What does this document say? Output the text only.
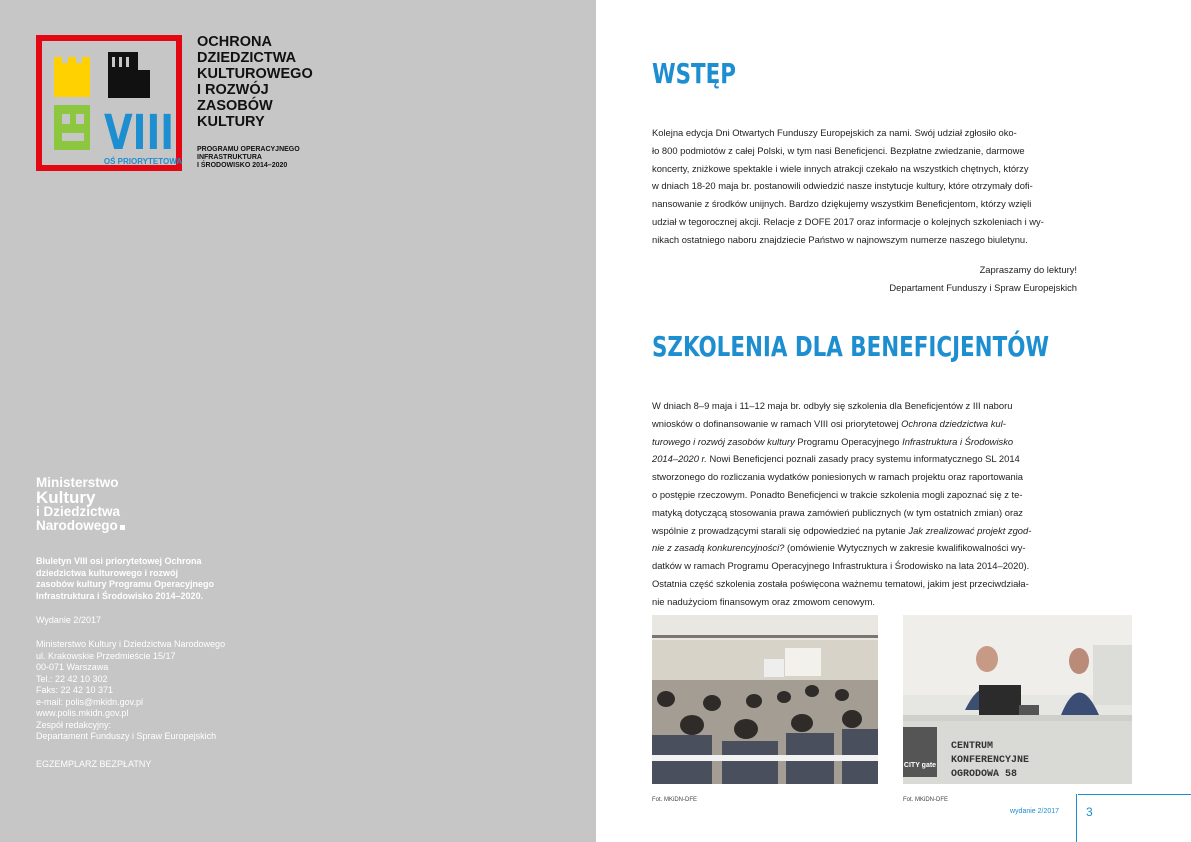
VIII
OŚ PRIORYTETOWA
OCHRONA
DZIEDZICTWA
KULTUROWEGO
I ROZWÓJ
ZASOBÓW
KULTURY
PROGRAMU OPERACYJNEGO
INFRASTRUKTURA
I ŚRODOWISKO 2014–2020
Ministerstwo
Kultury
i Dziedzictwa
Narodowego
Biuletyn VIII osi priorytetowej Ochrona
dziedzictwa kulturowego i rozwój
zasobów kultury Programu Operacyjnego
Infrastruktura i Środowisko 2014–2020.
Wydanie 2/2017
Ministerstwo Kultury i Dziedzictwa Narodowego
ul. Krakowskie Przedmieście 15/17
00-071 Warszawa
Tel.: 22 42 10 302
Faks: 22 42 10 371
e-mail: polis@mkidn.gov.pl
www.polis.mkidn.gov.pl
Zespół redakcyjny:
Departament Funduszy i Spraw Europejskich
EGZEMPLARZ BEZPŁATNY
WSTĘP
Kolejna edycja Dni Otwartych Funduszy Europejskich za nami. Swój udział zgłosiło oko-
ło 800 podmiotów z całej Polski, w tym nasi Beneficjenci. Bezpłatne zwiedzanie, darmowe
koncerty, zniżkowe spektakle i wiele innych atrakcji czekało na wszystkich chętnych, którzy
w dniach 18-20 maja br. postanowili odwiedzić nasze instytucje kultury, które otrzymały dofi-
nansowanie z środków unijnych. Bardzo dziękujemy wszystkim Beneficjentom, którzy wzięli
udział w tegorocznej akcji. Relacje z DOFE 2017 oraz informacje o kolejnych szkoleniach i wy-
nikach ostatniego naboru znajdziecie Państwo w najnowszym numerze naszego biuletynu.
Zapraszamy do lektury!
Departament Funduszy i Spraw Europejskich
SZKOLENIA DLA BENEFICJENTÓW
W dniach 8–9 maja i 11–12 maja br. odbyły się szkolenia dla Beneficjentów z III naboru
wniosków o dofinansowanie w ramach VIII osi priorytetowej Ochrona dziedzictwa kul-
turowego i rozwój zasobów kultury Programu Operacyjnego Infrastruktura i Środowisko
2014–2020 r. Nowi Beneficjenci poznali zasady pracy systemu informatycznego SL 2014
stworzonego do rozliczania wydatków poniesionych w ramach projektu oraz raportowania
o postępie rzeczowym. Ponadto Beneficjenci w trakcie szkolenia mogli zapoznać się z te-
matyką dotyczącą stosowania prawa zamówień publicznych (w tym ostatnich zmian) oraz
wspólnie z prowadzącymi starali się odpowiedzieć na pytanie Jak zrealizować projekt zgod-
nie z zasadą konkurencyjności? (omówienie Wytycznych w zakresie kwalifikowalności wy-
datków w ramach Programu Operacyjnego Infrastruktura i Środowisko na lata 2014–2020).
Ostatnia część szkolenia została poświęcona ważnemu tematowi, jakim jest przeciwdziała-
nie nadużyciom finansowym oraz zmowom cenowym.
Fot. MKiDN-DFE
CITY gate
CENTRUM
KONFERENCYJNE
OGRODOWA 58
Fot. MKiDN-DFE
wydanie 2/2017 3
